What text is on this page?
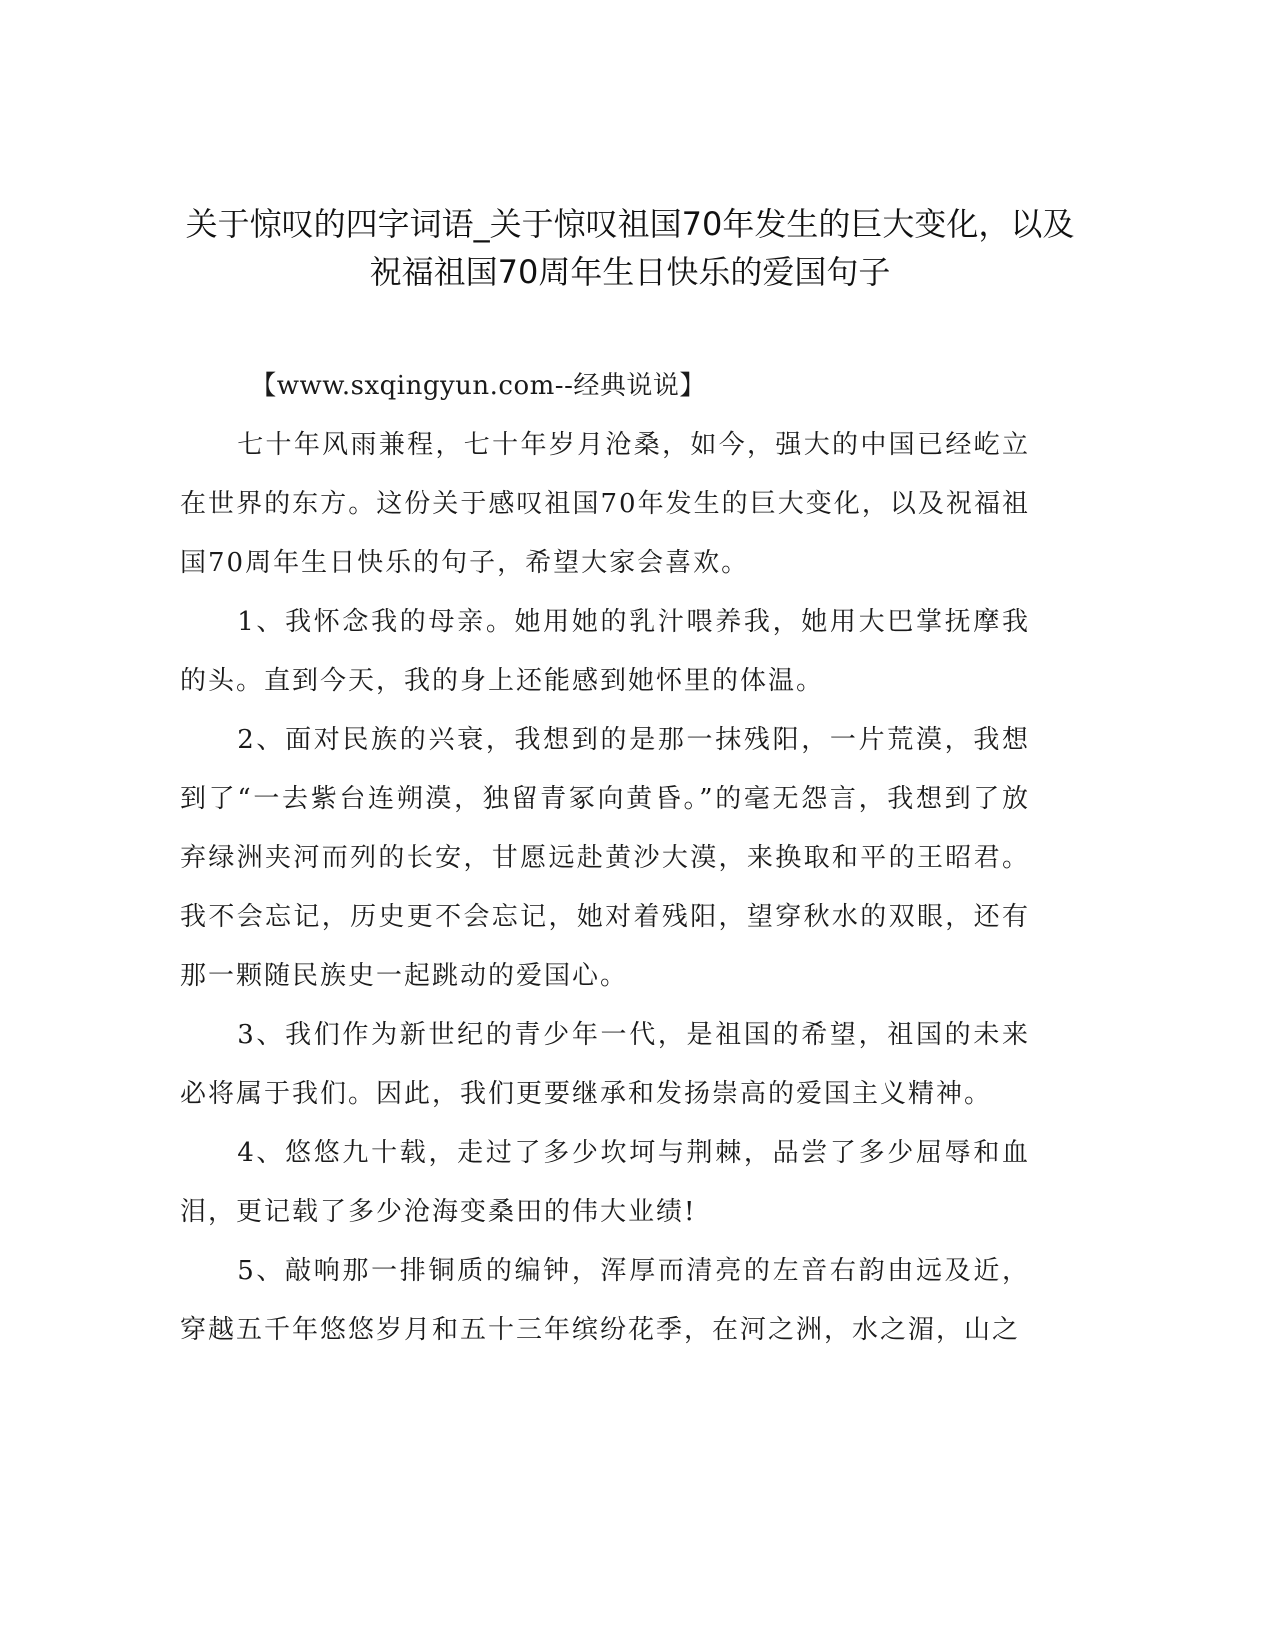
关于惊叹的四字词语_关于惊叹祖国70年发生的巨大变化，以及祝福祖国70周年生日快乐的爱国句子

【www.sxqingyun.com--经典说说】

七十年风雨兼程，七十年岁月沧桑，如今，强大的中国已经屹立在世界的东方。这份关于感叹祖国70年发生的巨大变化，以及祝福祖国70周年生日快乐的句子，希望大家会喜欢。

1、我怀念我的母亲。她用她的乳汁喂养我，她用大巴掌抚摩我的头。直到今天，我的身上还能感到她怀里的体温。

2、面对民族的兴衰，我想到的是那一抹残阳，一片荒漠，我想到了“一去紫台连朔漠，独留青冢向黄昏。”的毫无怨言，我想到了放弃绿洲夹河而列的长安，甘愿远赴黄沙大漠，来换取和平的王昭君。我不会忘记，历史更不会忘记，她对着残阳，望穿秋水的双眼，还有那一颗随民族史一起跳动的爱国心。

3、我们作为新世纪的青少年一代，是祖国的希望，祖国的未来必将属于我们。因此，我们更要继承和发扬崇高的爱国主义精神。

4、悠悠九十载，走过了多少坎坷与荆棘，品尝了多少屈辱和血泪，更记载了多少沧海变桑田的伟大业绩!

5、敲响那一排铜质的编钟，浑厚而清亮的左音右韵由远及近，穿越五千年悠悠岁月和五十三年缤纷花季，在河之洲，水之湄，山之
